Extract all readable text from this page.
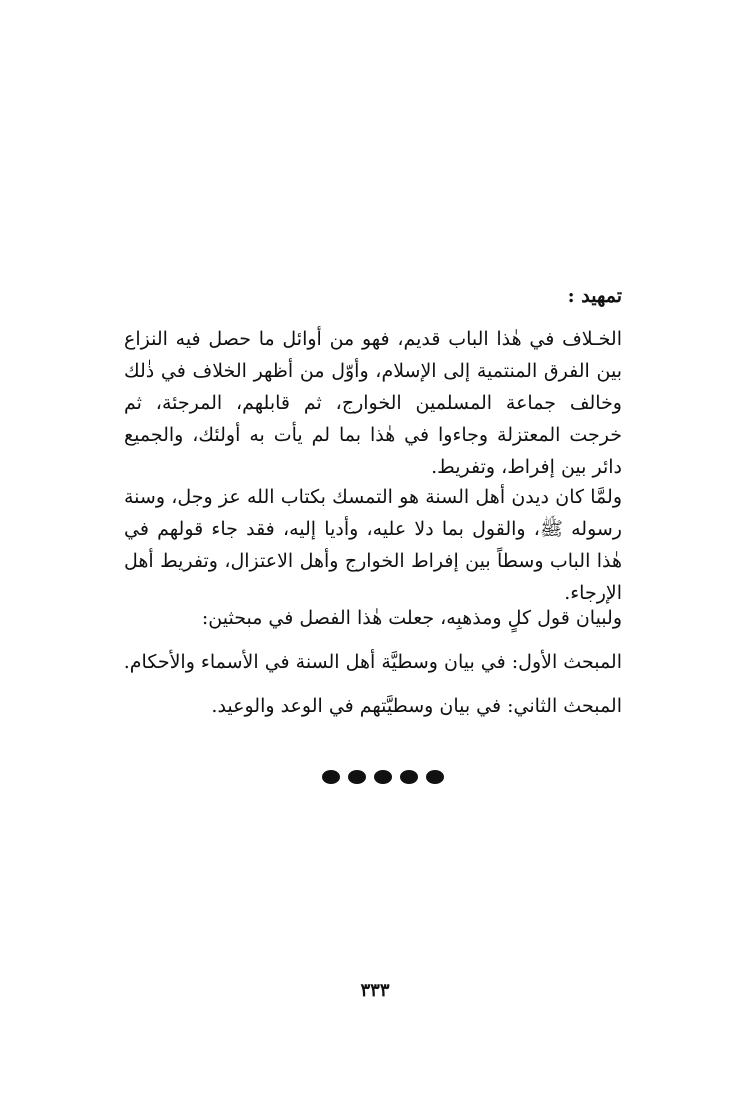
تمهيد :
الخـلاف في هٰذا الباب قديم، فهو من أوائل ما حصل فيه النزاع بين الفرق المنتمية إلى الإسلام، وأوّل من أظهر الخلاف في ذٰلك وخالف جماعة المسلمين الخوارج، ثم قابلهم، المرجئة، ثم خرجت المعتزلة وجاءوا في هٰذا بما لم يأت به أولئك، والجميع دائر بين إفراط، وتفريط.
ولمَّا كان ديدن أهل السنة هو التمسك بكتاب الله عز وجل، وسنة رسوله ﷺ، والقول بما دلا عليه، وأديا إليه، فقد جاء قولهم في هٰذا الباب وسطاً بين إفراط الخوارج وأهل الاعتزال، وتفريط أهل الإرجاء.
ولبيان قول كلٍ ومذهبِه، جعلت هٰذا الفصل في مبحثين:
المبحث الأول: في بيان وسطيَّة أهل السنة في الأسماء والأحكام.
المبحث الثاني: في بيان وسطيَّتهم في الوعد والوعيد.
٣٣٣
